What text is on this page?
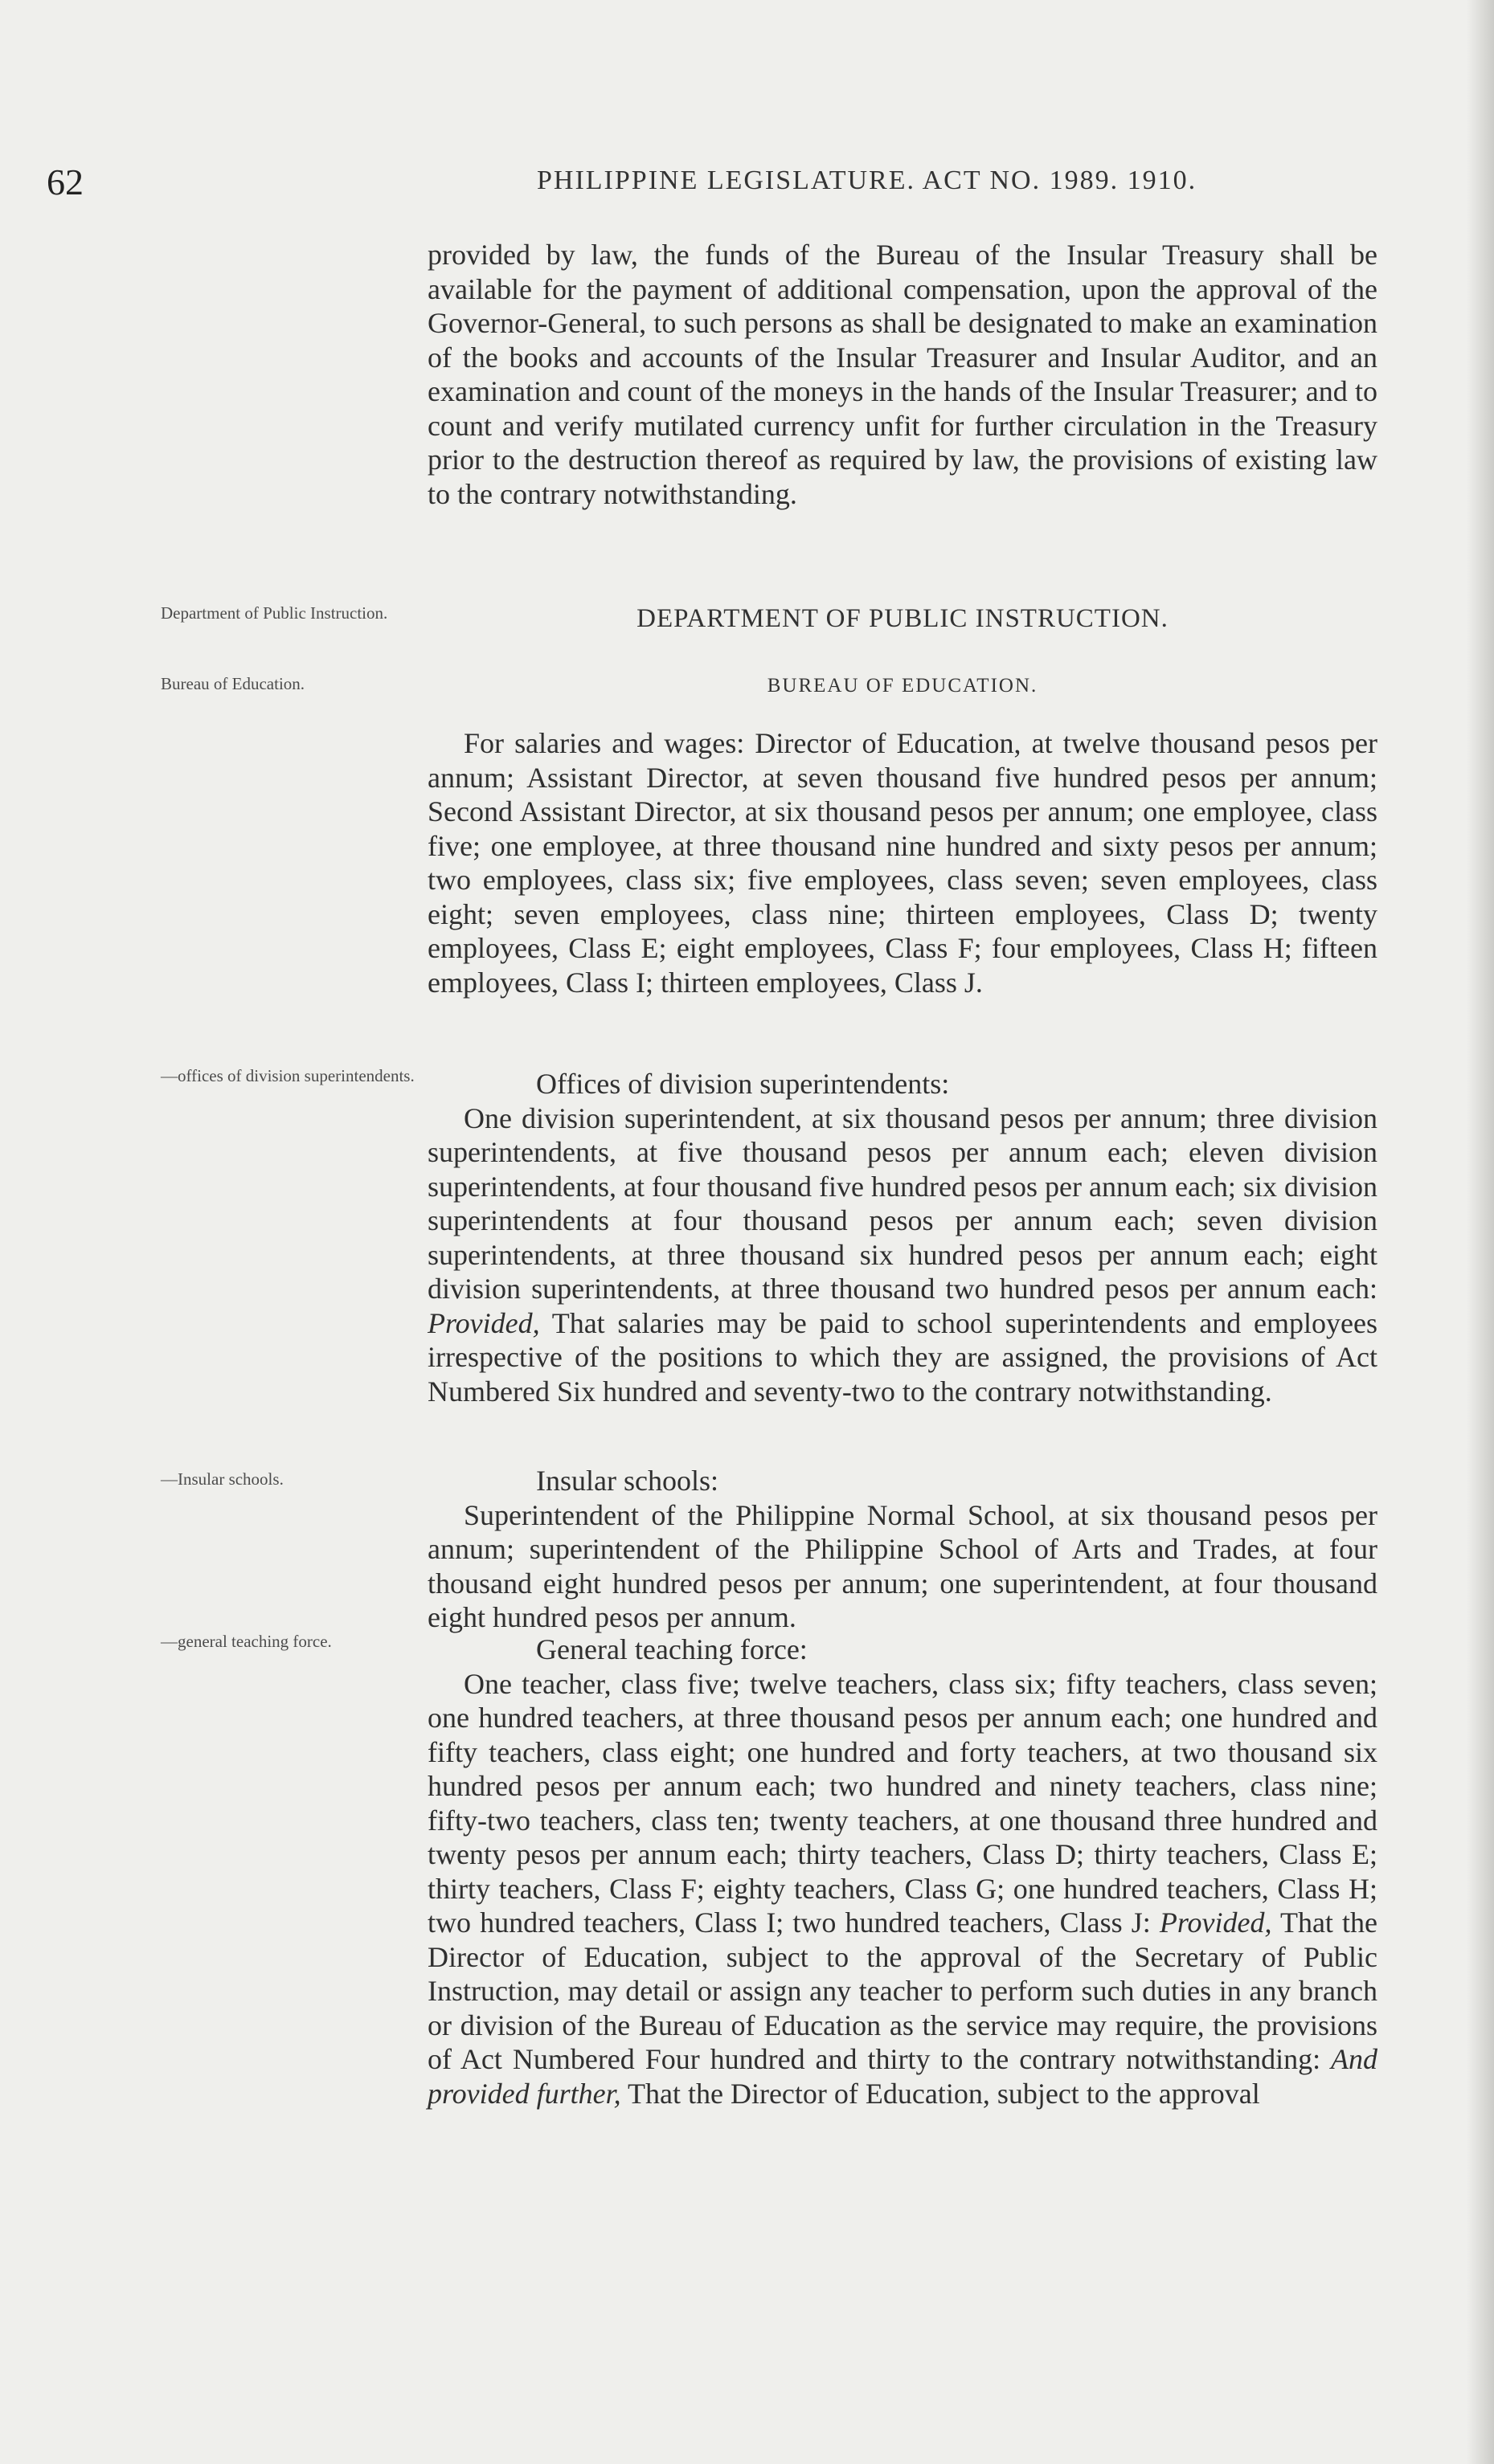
62	PHILIPPINE LEGISLATURE. ACT NO. 1989. 1910.

provided by law, the funds of the Bureau of the Insular Treasury shall be available for the payment of additional compensation, upon the approval of the Governor-General, to such persons as shall be designated to make an examination of the books and accounts of the Insular Treasurer and Insular Auditor, and an examination and count of the moneys in the hands of the Insular Treasurer; and to count and verify mutilated currency unfit for further circulation in the Treasury prior to the destruction thereof as required by law, the provisions of existing law to the contrary notwithstanding.

Department of Public Instruction.	DEPARTMENT OF PUBLIC INSTRUCTION.
Bureau of Education.	BUREAU OF EDUCATION.

For salaries and wages: Director of Education, at twelve thousand pesos per annum; Assistant Director, at seven thousand five hundred pesos per annum; Second Assistant Director, at six thousand pesos per annum; one employee, class five; one employee, at three thousand nine hundred and sixty pesos per annum; two employees, class six; five employees, class seven; seven employees, class eight; seven employees, class nine; thirteen employees, Class D; twenty employees, Class E; eight employees, Class F; four employees, Class H; fifteen employees, Class I; thirteen employees, Class J.

—offices of division superintendents.	Offices of division superintendents:

One division superintendent, at six thousand pesos per annum; three division superintendents, at five thousand pesos per annum each; eleven division superintendents, at four thousand five hundred pesos per annum each; six division superintendents at four thousand pesos per annum each; seven division superintendents, at three thousand six hundred pesos per annum each; eight division superintendents, at three thousand two hundred pesos per annum each: Provided, That salaries may be paid to school superintendents and employees irrespective of the positions to which they are assigned, the provisions of Act Numbered Six hundred and seventy-two to the contrary notwithstanding.

—Insular schools.	Insular schools:

Superintendent of the Philippine Normal School, at six thousand pesos per annum; superintendent of the Philippine School of Arts and Trades, at four thousand eight hundred pesos per annum; one superintendent, at four thousand eight hundred pesos per annum.

—general teaching force.	General teaching force:

One teacher, class five; twelve teachers, class six; fifty teachers, class seven; one hundred teachers, at three thousand pesos per annum each; one hundred and fifty teachers, class eight; one hundred and forty teachers, at two thousand six hundred pesos per annum each; two hundred and ninety teachers, class nine; fifty-two teachers, class ten; twenty teachers, at one thousand three hundred and twenty pesos per annum each; thirty teachers, Class D; thirty teachers, Class E; thirty teachers, Class F; eighty teachers, Class G; one hundred teachers, Class H; two hundred teachers, Class I; two hundred teachers, Class J: Provided, That the Director of Education, subject to the approval of the Secretary of Public Instruction, may detail or assign any teacher to perform such duties in any branch or division of the Bureau of Education as the service may require, the provisions of Act Numbered Four hundred and thirty to the contrary notwithstanding: And provided further, That the Director of Education, subject to the approval
